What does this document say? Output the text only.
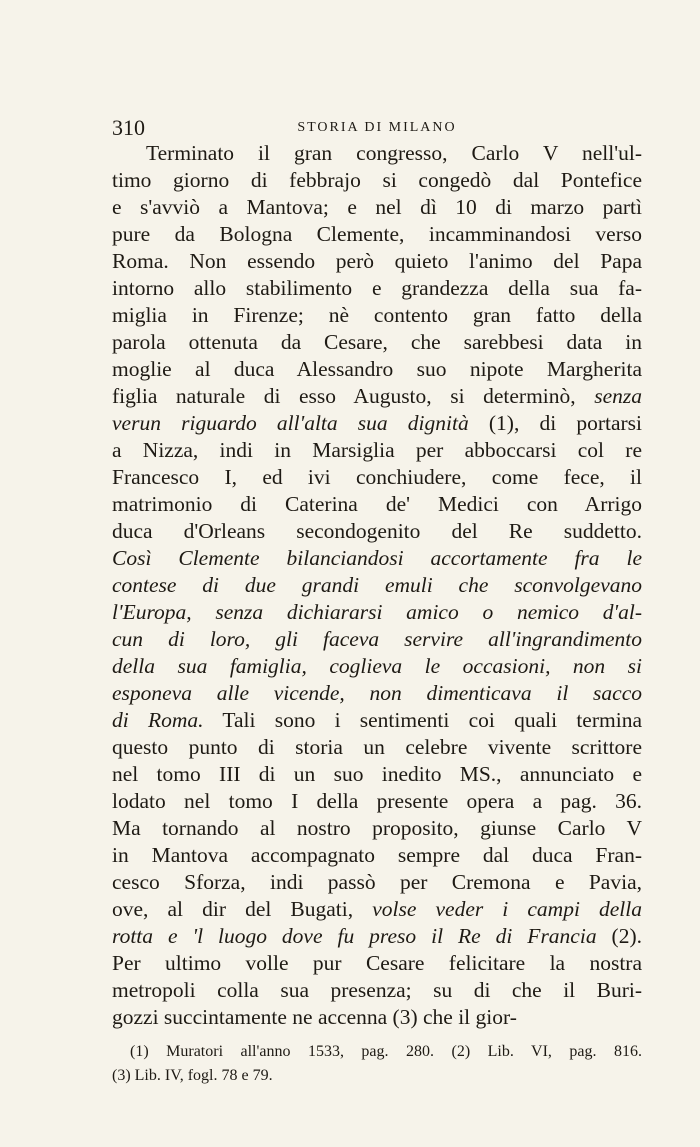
310	STORIA DI MILANO
Terminato il gran congresso, Carlo V nell'ul-
timo giorno di febbrajo si congedò dal Pontefice
e s'avviò a Mantova; e nel dì 10 di marzo partì
pure da Bologna Clemente, incamminandosi verso
Roma. Non essendo però quieto l'animo del Papa
intorno allo stabilimento e grandezza della sua fa-
miglia in Firenze; nè contento gran fatto della
parola ottenuta da Cesare, che sarebbesi data in
moglie al duca Alessandro suo nipote Margherita
figlia naturale di esso Augusto, si determinò, senza
verun riguardo all'alta sua dignità (1), di portarsi
a Nizza, indi in Marsiglia per abboccarsi col re
Francesco I, ed ivi conchiudere, come fece, il
matrimonio di Caterina de' Medici con Arrigo
duca d'Orleans secondogenito del Re suddetto.
Così Clemente bilanciandosi accortamente fra le
contese di due grandi emuli che sconvolgevano
l'Europa, senza dichiararsi amico o nemico d'al-
cun di loro, gli faceva servire all'ingrandimento
della sua famiglia, coglieva le occasioni, non si
esponeva alle vicende, non dimenticava il sacco
di Roma. Tali sono i sentimenti coi quali termina
questo punto di storia un celebre vivente scrittore
nel tomo III di un suo inedito MS., annunciato e
lodato nel tomo I della presente opera a pag. 36.
Ma tornando al nostro proposito, giunse Carlo V
in Mantova accompagnato sempre dal duca Fran-
cesco Sforza, indi passò per Cremona e Pavia,
ove, al dir del Bugati, volse veder i campi della
rotta e 'l luogo dove fu preso il Re di Francia (2).
Per ultimo volle pur Cesare felicitare la nostra
metropoli colla sua presenza; su di che il Buri-
gozzi succintamente ne accenna (3) che il gior-
(1) Muratori all'anno 1533, pag. 280. (2) Lib. VI, pag. 816.
(3) Lib. IV, fogl. 78 e 79.
